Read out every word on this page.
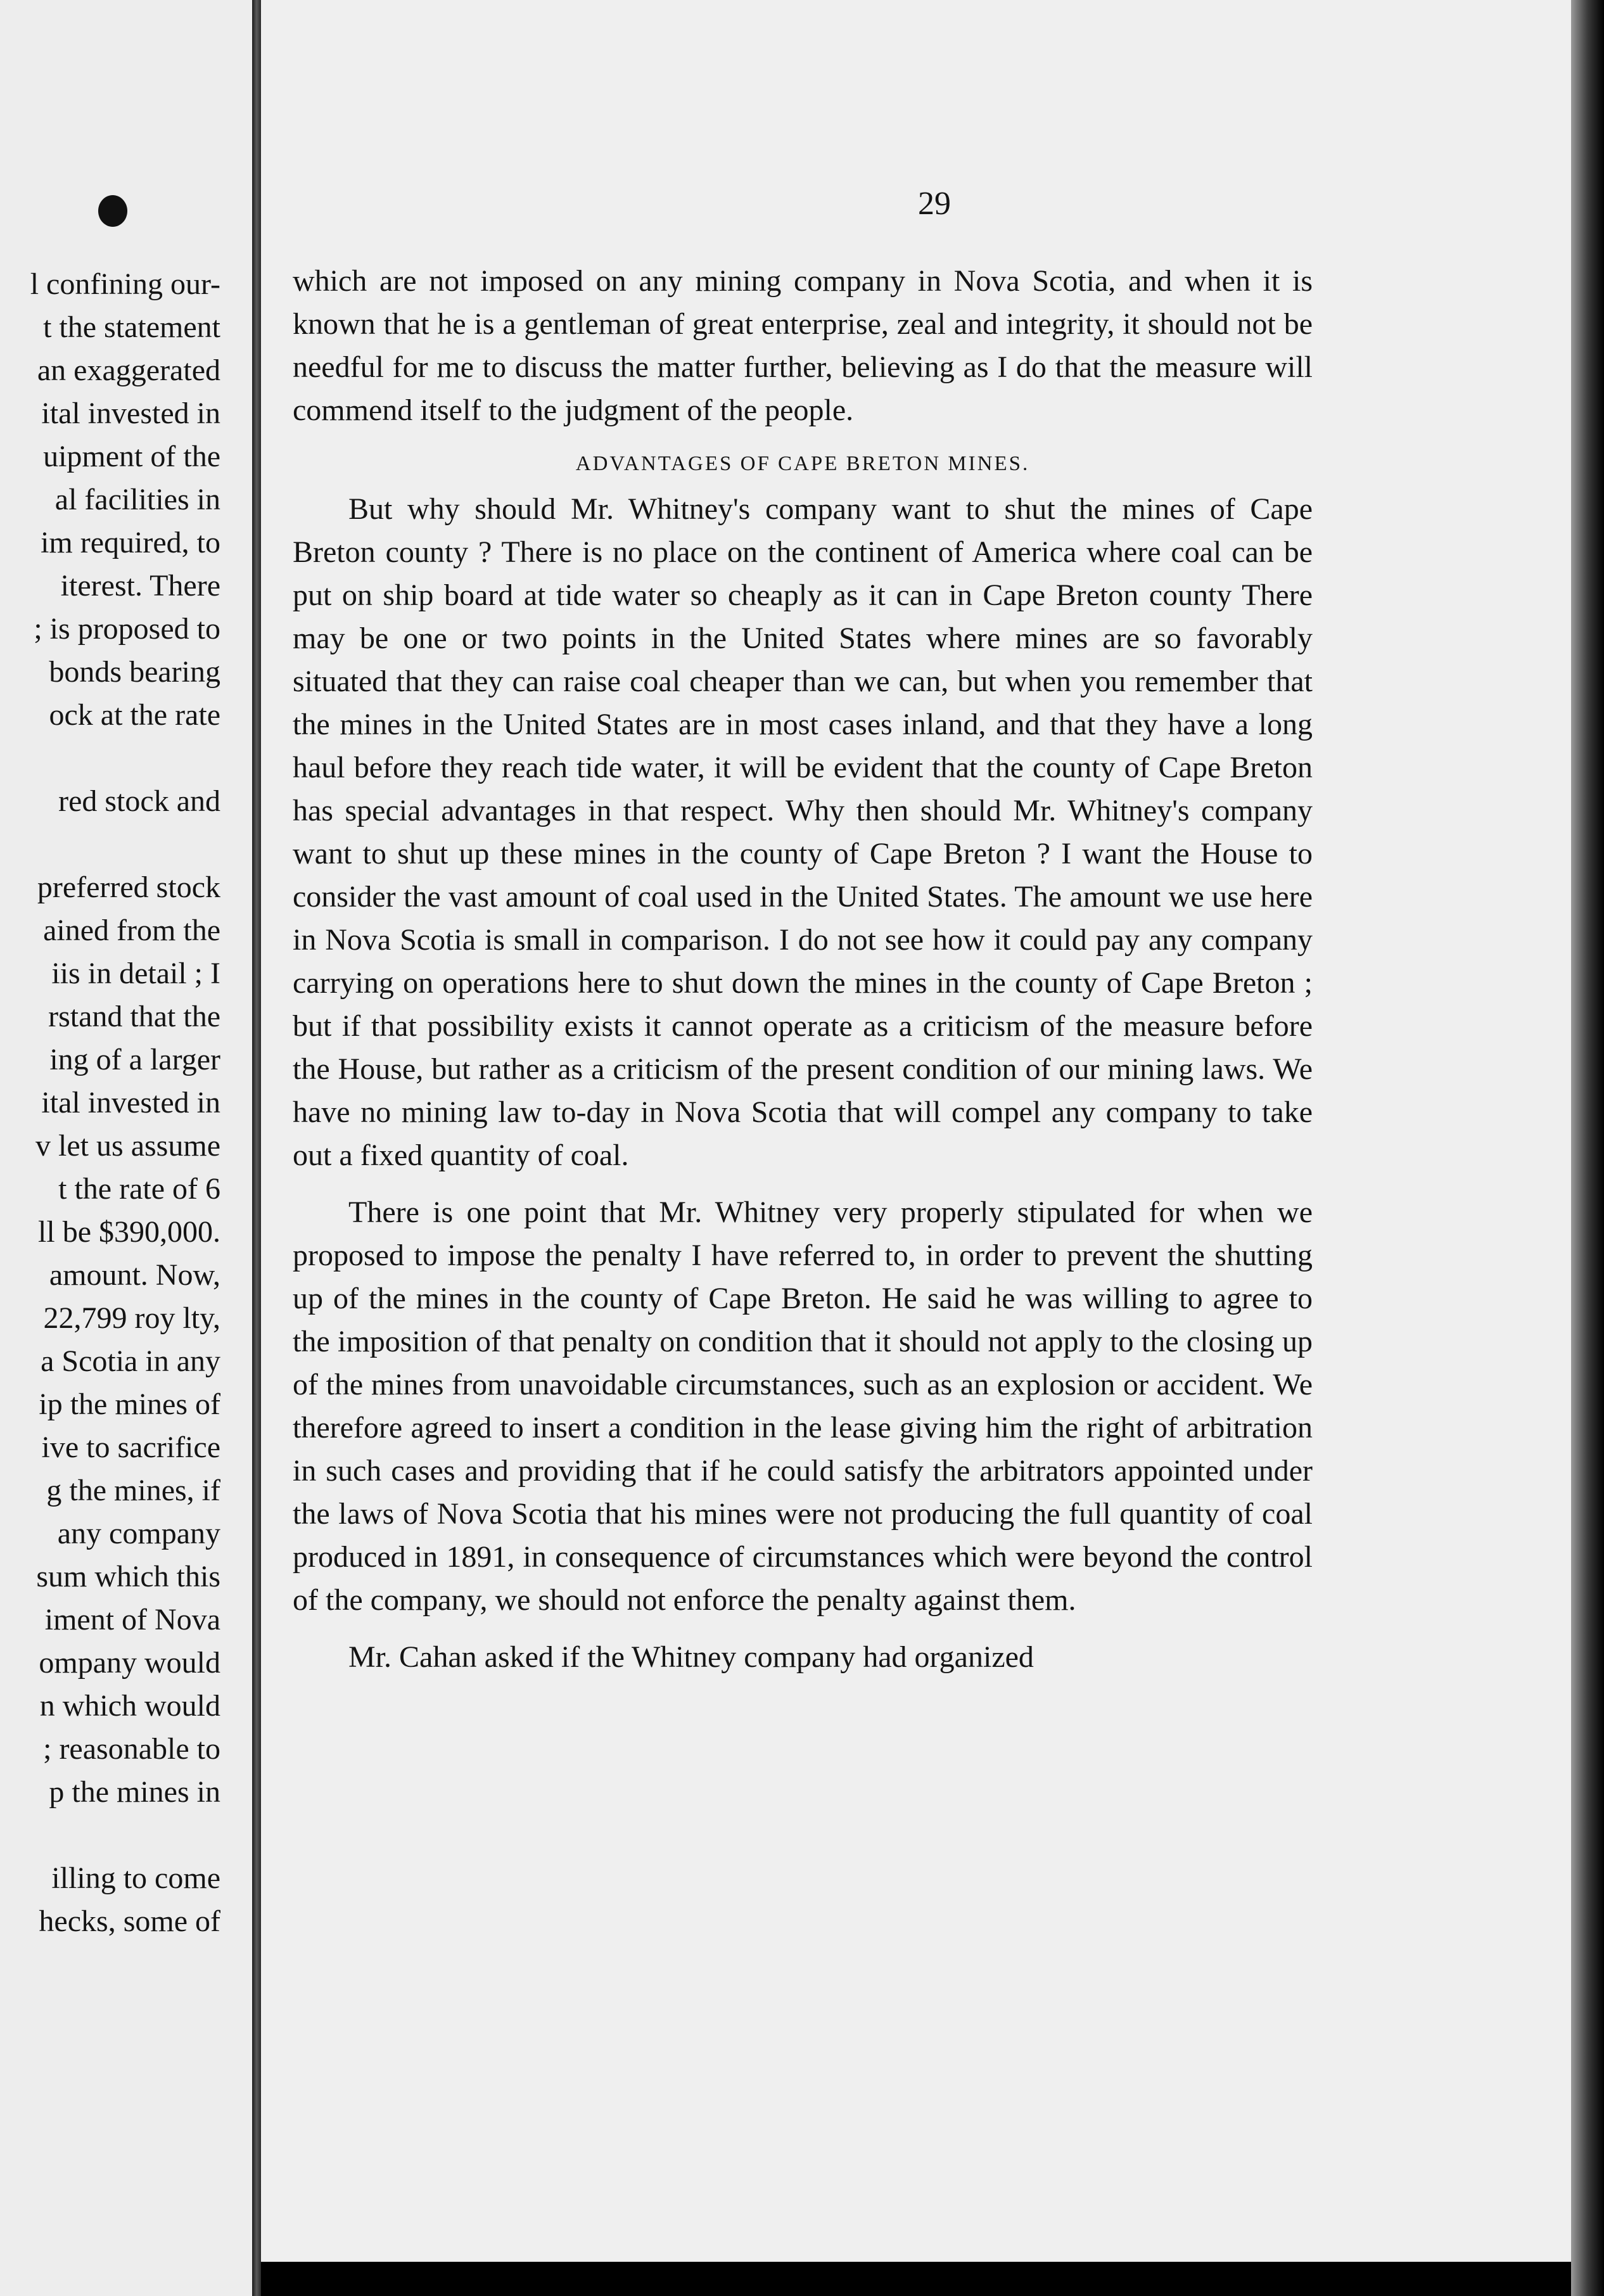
l confining our-
t the statement
an exaggerated
ital invested in
uipment of the
al facilities in
im required, to
iterest. There
; is proposed to
bonds bearing
ock at the rate
red stock and
preferred stock
ained from the
iis in detail ; I
rstand that the
ing of a larger
ital invested in
v let us assume
t the rate of 6
ll be $390,000.
amount. Now,
22,799 roy lty,
a Scotia in any
ip the mines of
ive to sacrifice
g the mines, if
any company
sum which this
iment of Nova
ompany would
n which would
; reasonable to
p the mines in
illing to come
hecks, some of
29

which are not imposed on any mining company in Nova Scotia, and when it is known that he is a gentleman of great enterprise, zeal and integrity, it should not be needful for me to discuss the matter further, believing as I do that the measure will commend itself to the judgment of the people.

ADVANTAGES OF CAPE BRETON MINES.

But why should Mr. Whitney's company want to shut the mines of Cape Breton county ? There is no place on the continent of America where coal can be put on ship board at tide water so cheaply as it can in Cape Breton county There may be one or two points in the United States where mines are so favorably situated that they can raise coal cheaper than we can, but when you remember that the mines in the United States are in most cases inland, and that they have a long haul before they reach tide water, it will be evident that the county of Cape Breton has special advantages in that respect. Why then should Mr. Whitney's company want to shut up these mines in the county of Cape Breton ? I want the House to consider the vast amount of coal used in the United States. The amount we use here in Nova Scotia is small in comparison. I do not see how it could pay any company carrying on operations here to shut down the mines in the county of Cape Breton ; but if that possibility exists it cannot operate as a criticism of the measure before the House, but rather as a criticism of the present condition of our mining laws. We have no mining law to-day in Nova Scotia that will compel any company to take out a fixed quantity of coal.

There is one point that Mr. Whitney very properly stipulated for when we proposed to impose the penalty I have referred to, in order to prevent the shutting up of the mines in the county of Cape Breton. He said he was willing to agree to the imposition of that penalty on condition that it should not apply to the closing up of the mines from unavoidable circumstances, such as an explosion or accident. We therefore agreed to insert a condition in the lease giving him the right of arbitration in such cases and providing that if he could satisfy the arbitrators appointed under the laws of Nova Scotia that his mines were not producing the full quantity of coal produced in 1891, in consequence of circumstances which were beyond the control of the company, we should not enforce the penalty against them.

Mr. Cahan asked if the Whitney company had organized
